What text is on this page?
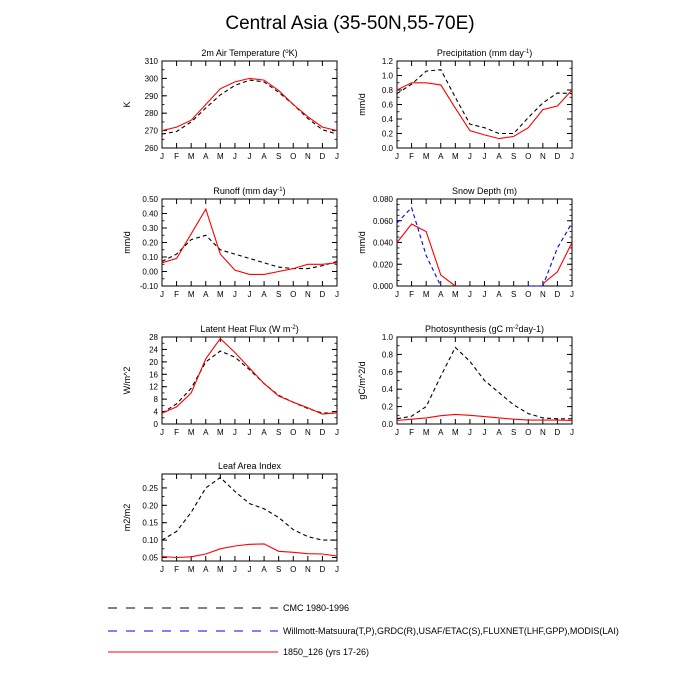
Central Asia (35-50N,55-70E)
2m Air Temperature ($^o$K)
260
270
280
290
300
310
J F M A M J J A S O N D J
K
Precipitation (mm day$^{-1}$)
0.0
0.2
0.4
0.6
0.8
1.0
1.2
J F M A M J J A S O N D J
mm/d
Runoff (mm day$^{-1}$)
-0.10
0.00
0.10
0.20
0.30
0.40
0.50
J F M A M J J A S O N D J
mm/d
Snow Depth (m)
0.000
0.020
0.040
0.060
0.080
J F M A M J J A S O N D J
mm/d
Latent Heat Flux (W $m^{-2}$)
0
4
8
12
16
20
24
28
J F M A M J J A S O N D J
W/m^2
Photosynthesis (gC $m^{-2}day-1$)
0.0
0.2
0.4
0.6
0.8
1.0
J F M A M J J A S O N D J
gC/m^2/d
Leaf Area Index
0.05
0.10
0.15
0.20
0.25
J F M A M J J A S O N D J
m2/m2
CMC 1980-1996
Willmott-Matsuura(T,P),GRDC(R),USAF/ETAC(S),FLUXNET(LHF,GPP),MODIS(LAI)
1850_126 (yrs 17-26)
